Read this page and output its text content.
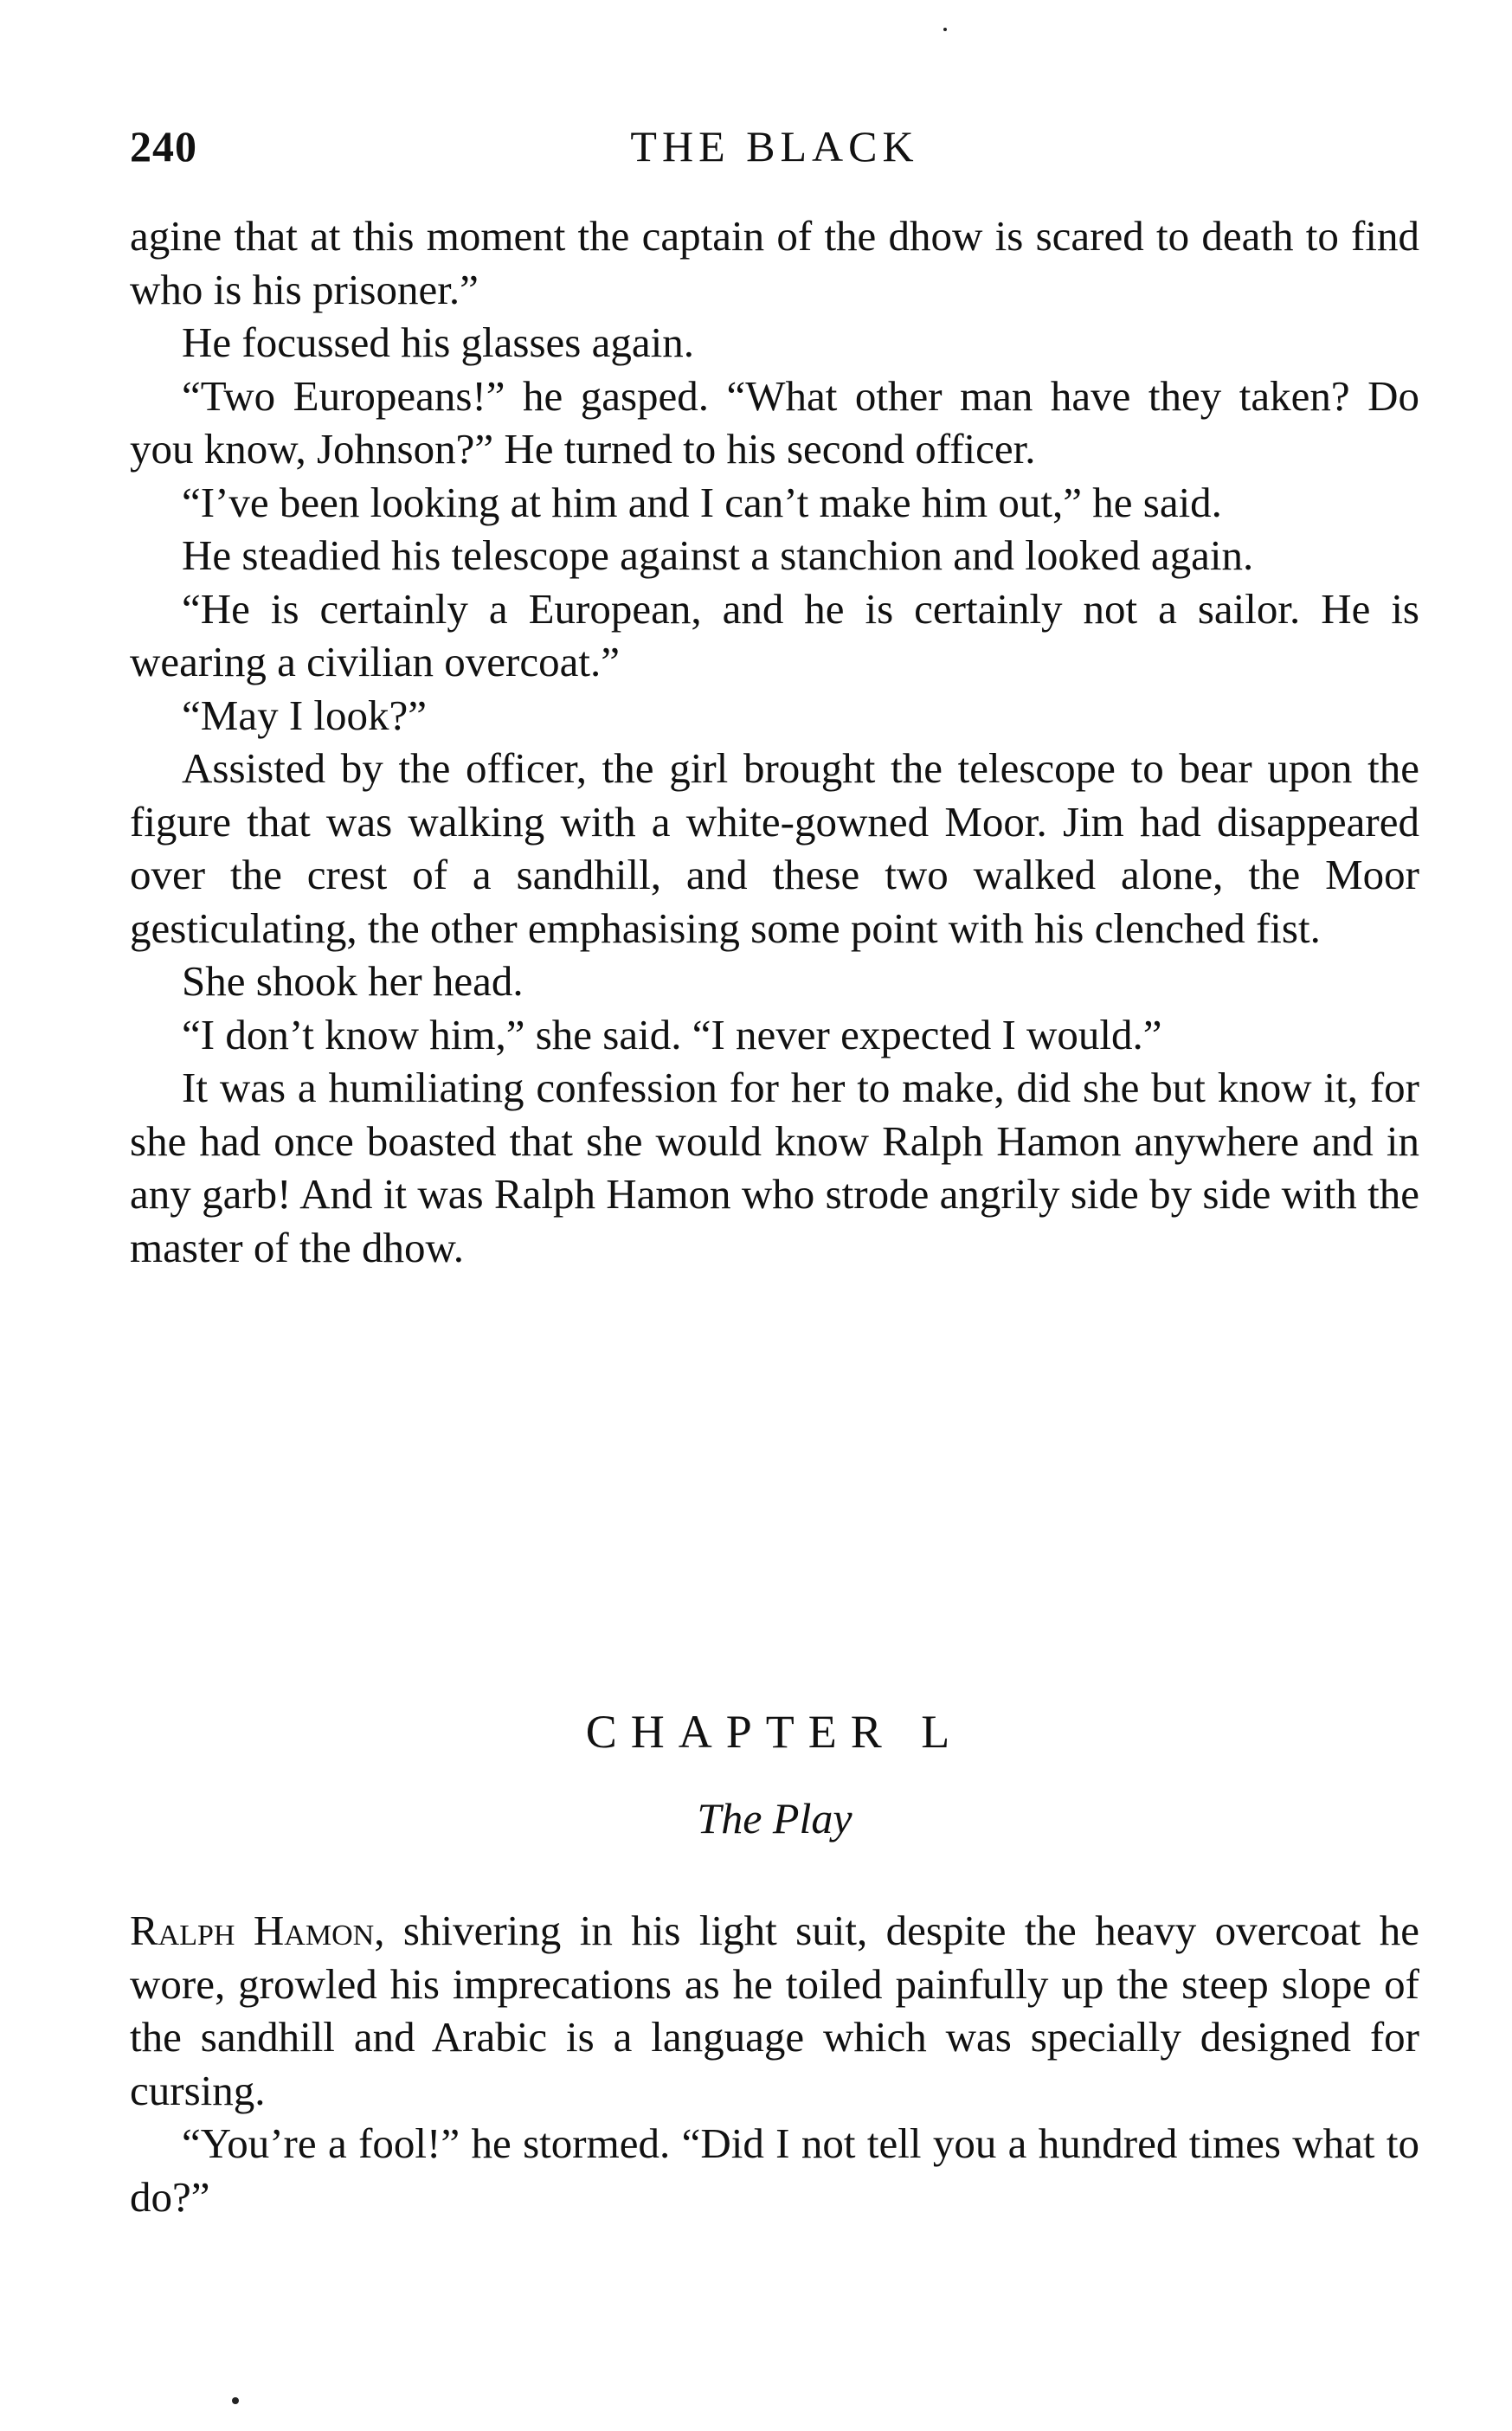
240	THE BLACK

agine that at this moment the captain of the dhow is scared to death to find who is his prisoner.”

He focussed his glasses again.

“Two Europeans!” he gasped. “What other man have they taken? Do you know, Johnson?” He turned to his second officer.

“I’ve been looking at him and I can’t make him out,” he said.

He steadied his telescope against a stanchion and looked again.

“He is certainly a European, and he is certainly not a sailor. He is wearing a civilian overcoat.”

“May I look?”

Assisted by the officer, the girl brought the telescope to bear upon the figure that was walking with a white-gowned Moor. Jim had disappeared over the crest of a sandhill, and these two walked alone, the Moor gesticulating, the other emphasising some point with his clenched fist.

She shook her head.

“I don’t know him,” she said. “I never expected I would.”

It was a humiliating confession for her to make, did she but know it, for she had once boasted that she would know Ralph Hamon anywhere and in any garb! And it was Ralph Hamon who strode angrily side by side with the master of the dhow.

CHAPTER L
The Play

Ralph Hamon, shivering in his light suit, despite the heavy overcoat he wore, growled his imprecations as he toiled painfully up the steep slope of the sandhill and Arabic is a language which was specially designed for cursing.

“You’re a fool!” he stormed. “Did I not tell you a hundred times what to do?”
